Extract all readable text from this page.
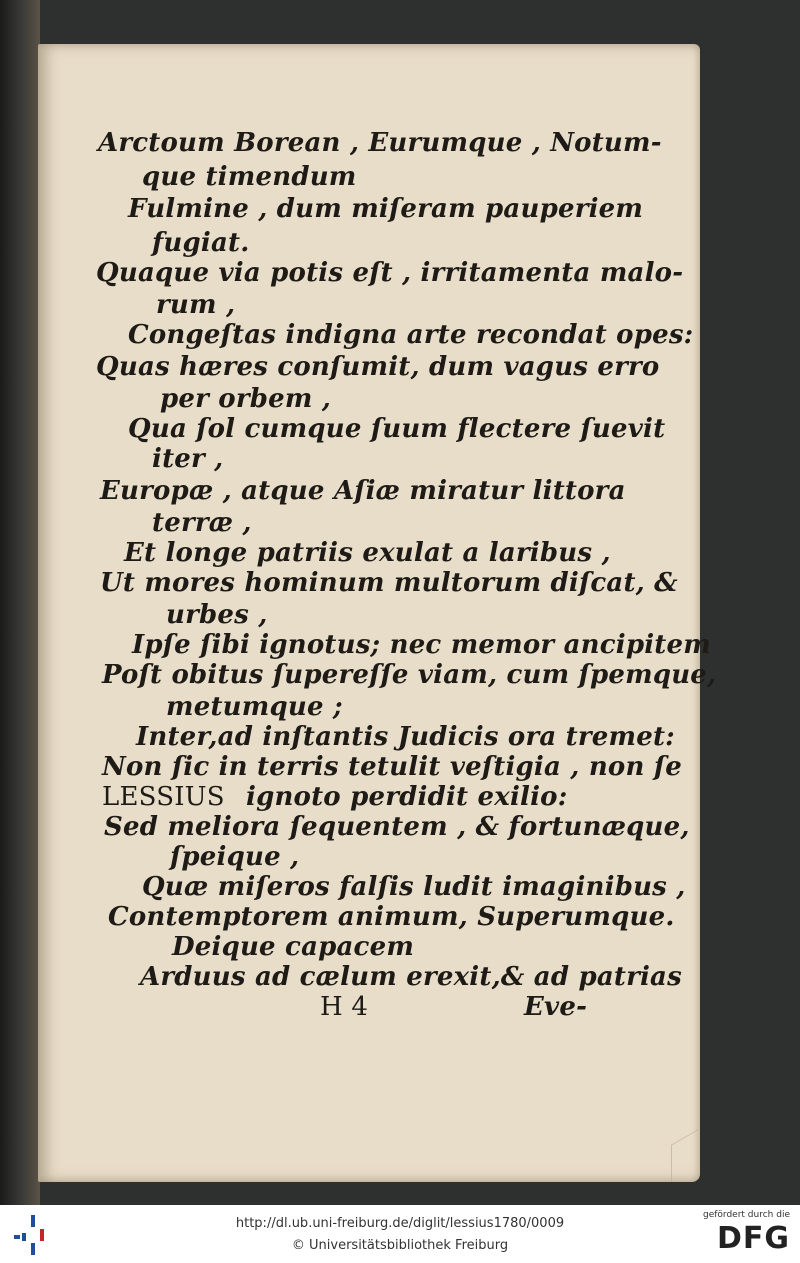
Arctoum Borean , Eurumque , Notum-
que timendum
Fulmine , dum miſeram pauperiem
fugiat.
Quaque via potis eſt , irritamenta malo-
rum ,
Congeſtas indigna arte recondat opes:
Quas hæres conſumit, dum vagus erro
per orbem ,
Qua ſol cumque ſuum flectere ſuevit
iter ,
Europæ , atque Aſiæ miratur littora
terræ ,
Et longe patriis exulat a laribus ,
Ut mores hominum multorum diſcat, &
urbes ,
Ipſe ſibi ignotus; nec memor ancipitem
Poſt obitus ſupereſſe viam, cum ſpemque,
metumque ;
Inter,ad inſtantis Judicis ora tremet:
Non ſic in terris tetulit veſtigia , non ſe
LESSIUS ignoto perdidit exilio:
Sed meliora ſequentem , & fortunæque,
ſpeique ,
Quæ miſeros falſis ludit imaginibus ,
Contemptorem animum, Superumque.
Deique capacem
Arduus ad cælum erexit,& ad patrias
H 4	Eve-
http://dl.ub.uni-freiburg.de/diglit/lessius1780/0009
© Universitätsbibliothek Freiburg
gefördert durch die
DFG
